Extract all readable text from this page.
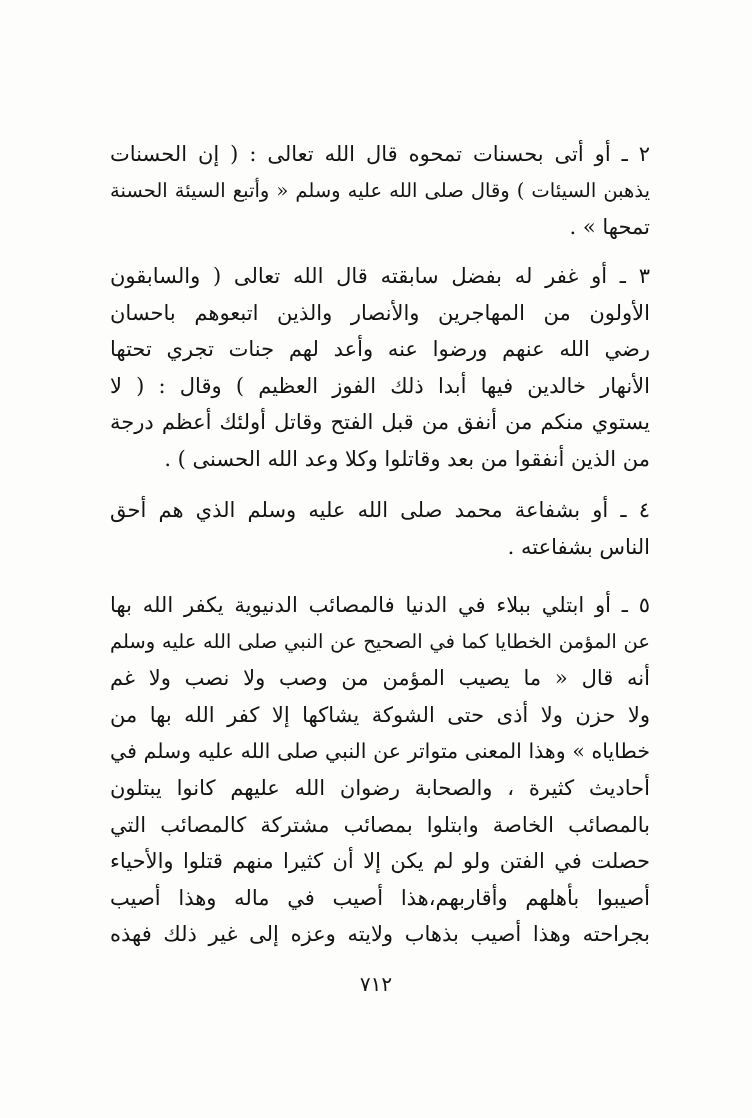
٢ ـ أو أتى بحسنات تمحوه قال الله تعالى : ( إن الحسنات
يذهبن السيئات ) وقال صلى الله عليه وسلم « وأتبع السيئة الحسنة
تمحها » .
٣ ـ أو غفر له بفضل سابقته قال الله تعالى ( والسابقون
الأولون من المهاجرين والأنصار والذين اتبعوهم باحسان
رضي الله عنهم ورضوا عنه وأعد لهم جنات تجري تحتها
الأنهار خالدين فيها أبدا ذلك الفوز العظيم ) وقال : ( لا
يستوي منكم من أنفق من قبل الفتح وقاتل أولئك أعظم درجة
من الذين أنفقوا من بعد وقاتلوا وكلا وعد الله الحسنى ) .
٤ ـ أو بشفاعة محمد صلى الله عليه وسلم الذي هم أحق
الناس بشفاعته .
٥ ـ أو ابتلي ببلاء في الدنيا فالمصائب الدنيوية يكفر الله بها
عن المؤمن الخطايا كما في الصحيح عن النبي صلى الله عليه وسلم
أنه قال « ما يصيب المؤمن من وصب ولا نصب ولا غم
ولا حزن ولا أذى حتى الشوكة يشاكها إلا كفر الله بها من
خطاياه » وهذا المعنى متواتر عن النبي صلى الله عليه وسلم في
أحاديث كثيرة ، والصحابة رضوان الله عليهم كانوا يبتلون
بالمصائب الخاصة وابتلوا بمصائب مشتركة كالمصائب التي
حصلت في الفتن ولو لم يكن إلا أن كثيرا منهم قتلوا والأحياء
أصيبوا بأهلهم وأقاربهم،هذا أصيب في ماله وهذا أصيب
بجراحته وهذا أصيب بذهاب ولايته وعزه إلى غير ذلك فهذه
٧١٢
